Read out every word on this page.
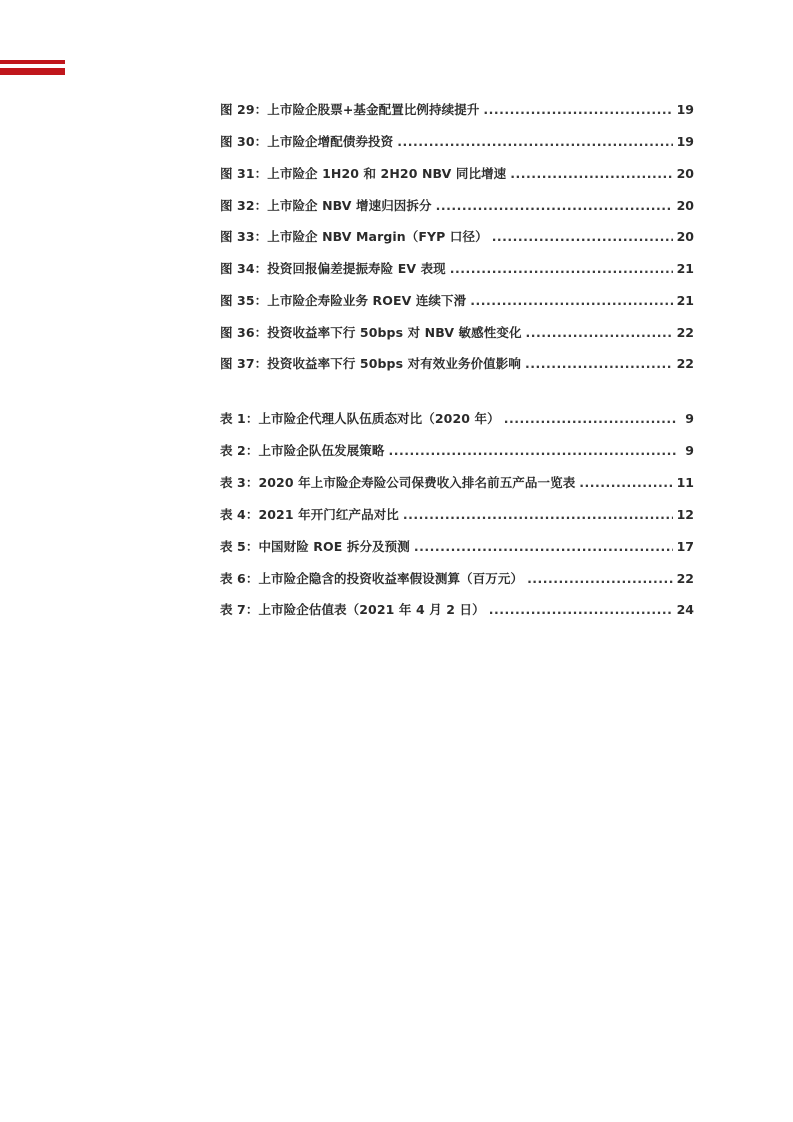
图 29：上市险企股票+基金配置比例持续提升 .....	19
图 30：上市险企增配债券投资 .....	19
图 31：上市险企 1H20 和 2H20 NBV 同比增速 .....	20
图 32：上市险企 NBV 增速归因拆分 .....	20
图 33：上市险企 NBV Margin（FYP 口径） .....	20
图 34：投资回报偏差提振寿险 EV 表现 .....	21
图 35：上市险企寿险业务 ROEV 连续下滑 .....	21
图 36：投资收益率下行 50bps 对 NBV 敏感性变化 .....	22
图 37：投资收益率下行 50bps 对有效业务价值影响 .....	22
表 1：上市险企代理人队伍质态对比（2020 年） .....	9
表 2：上市险企队伍发展策略 .....	9
表 3：2020 年上市险企寿险公司保费收入排名前五产品一览表 .....	11
表 4：2021 年开门红产品对比 .....	12
表 5：中国财险 ROE 拆分及预测 .....	17
表 6：上市险企隐含的投资收益率假设测算（百万元） .....	22
表 7：上市险企估值表（2021 年 4 月 2 日） .....	24
